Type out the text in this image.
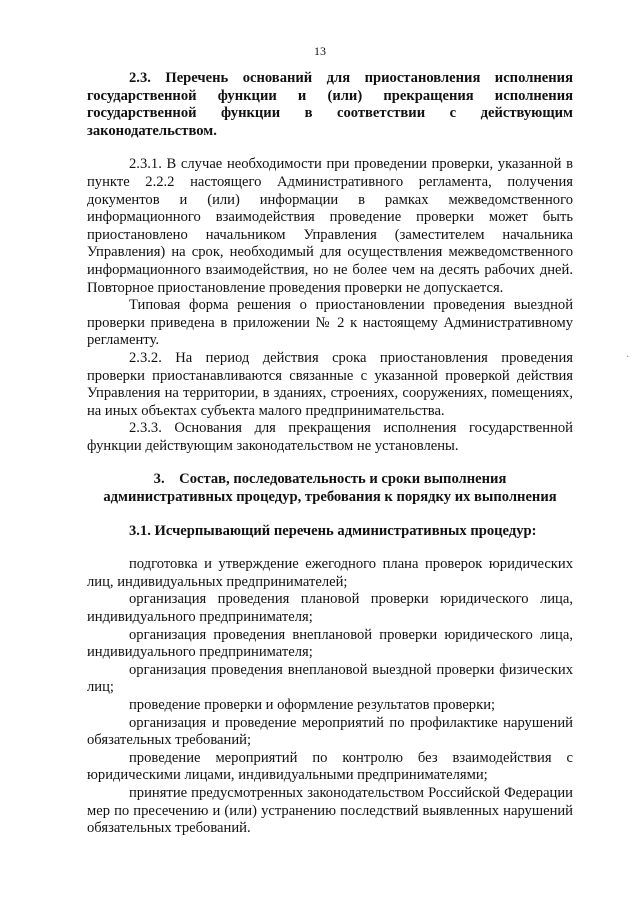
13

2.3. Перечень оснований для приостановления исполнения государственной функции и (или) прекращения исполнения государственной функции в соответствии с действующим законодательством.

2.3.1. В случае необходимости при проведении проверки, указанной в пункте 2.2.2 настоящего Административного регламента, получения документов и (или) информации в рамках межведомственного информационного взаимодействия проведение проверки может быть приостановлено начальником Управления (заместителем начальника Управления) на срок, необходимый для осуществления межведомственного информационного взаимодействия, но не более чем на десять рабочих дней. Повторное приостановление проведения проверки не допускается.

Типовая форма решения о приостановлении проведения выездной проверки приведена в приложении № 2 к настоящему Административному регламенту.

2.3.2. На период действия срока приостановления проведения проверки приостанавливаются связанные с указанной проверкой действия Управления на территории, в зданиях, строениях, сооружениях, помещениях, на иных объектах субъекта малого предпринимательства.

2.3.3. Основания для прекращения исполнения государственной функции действующим законодательством не установлены.

3.    Состав, последовательность и сроки выполнения
административных процедур, требования к порядку их выполнения

3.1. Исчерпывающий перечень административных процедур:

подготовка и утверждение ежегодного плана проверок юридических лиц, индивидуальных предпринимателей;

организация проведения плановой проверки юридического лица, индивидуального предпринимателя;

организация проведения внеплановой проверки юридического лица, индивидуального предпринимателя;

организация проведения внеплановой выездной проверки физических лиц;

проведение проверки и оформление результатов проверки;

организация и проведение мероприятий по профилактике нарушений обязательных требований;

проведение мероприятий по контролю без взаимодействия с юридическими лицами, индивидуальными предпринимателями;

принятие предусмотренных законодательством Российской Федерации мер по пресечению и (или) устранению последствий выявленных нарушений обязательных требований.

·
